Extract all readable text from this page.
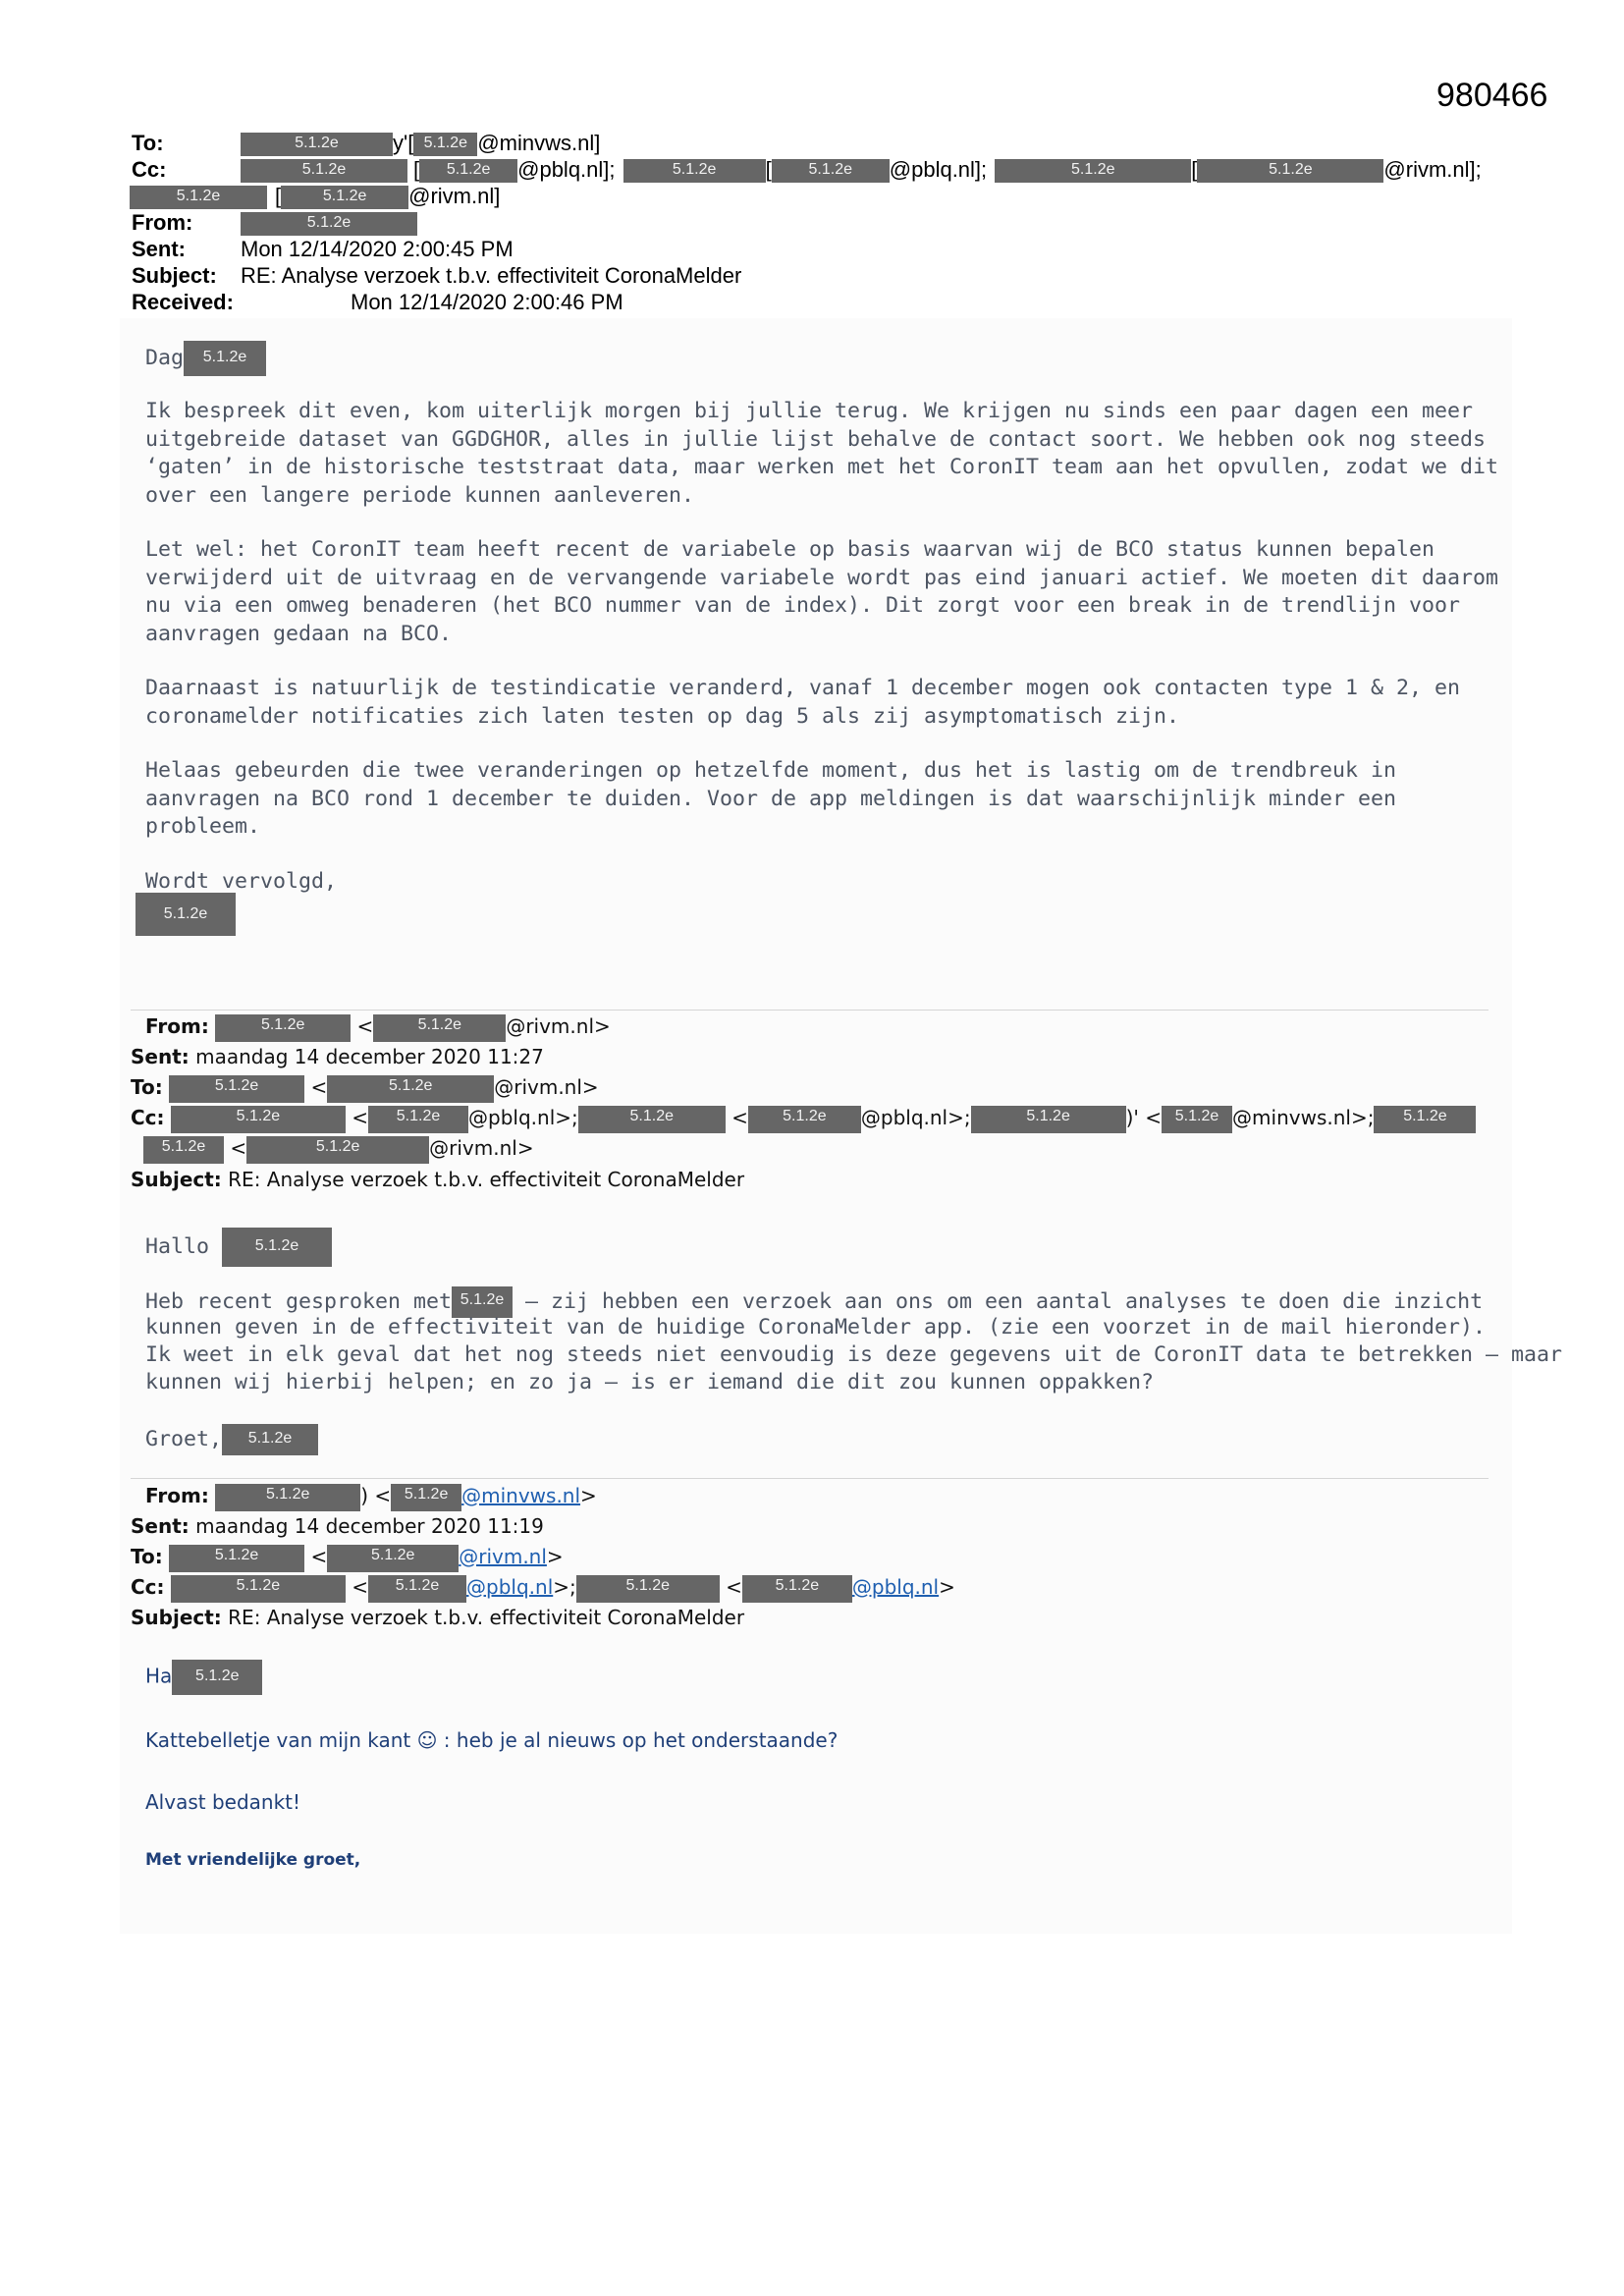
980466
To:	5.1.2e	y'[ 5.1.2e @minvws.nl]
Cc:	5.1.2e	[ 5.1.2e @pblq.nl];	5.1.2e [ 5.1.2e @pblq.nl];	5.1.2e	[	5.1.2e	@rivm.nl];
5.1.2e	[	5.1.2e @rivm.nl]
From:	5.1.2e
Sent:	Mon 12/14/2020 2:00:45 PM
Subject: RE: Analyse verzoek t.b.v. effectiviteit CoronaMelder
Received:	Mon 12/14/2020 2:00:46 PM
Dag 5.1.2e

Ik bespreek dit even, kom uiterlijk morgen bij jullie terug. We krijgen nu sinds een paar dagen een meer uitgebreide dataset van GGDGHOR, alles in jullie lijst behalve de contact soort. We hebben ook nog steeds ‘gaten’ in de historische teststraat data, maar werken met het CoronIT team aan het opvullen, zodat we dit over een langere periode kunnen aanleveren.

Let wel: het CoronIT team heeft recent de variabele op basis waarvan wij de BCO status kunnen bepalen verwijderd uit de uitvraag en de vervangende variabele wordt pas eind januari actief. We moeten dit daarom nu via een omweg benaderen (het BCO nummer van de index). Dit zorgt voor een break in de trendlijn voor aanvragen gedaan na BCO.

Daarnaast is natuurlijk de testindicatie veranderd, vanaf 1 december mogen ook contacten type 1 & 2, en coronamelder notificaties zich laten testen op dag 5 als zij asymptomatisch zijn.

Helaas gebeurden die twee veranderingen op hetzelfde moment, dus het is lastig om de trendbreuk in aanvragen na BCO rond 1 december te duiden. Voor de app meldingen is dat waarschijnlijk minder een probleem.

Wordt vervolgd,

5.1.2e
From:	5.1.2e	<	5.1.2e @rivm.nl>
Sent: maandag 14 december 2020 11:27
To:	5.1.2e	<	5.1.2e	@rivm.nl>
Cc:	5.1.2e	< 5.1.2e @pblq.nl>;	5.1.2e	< 5.1.2e @pblq.nl>;	5.1.2e	)' < 5.1.2e @minvws.nl>; 5.1.2e
5.1.2e <	5.1.2e	@rivm.nl>
Subject: RE: Analyse verzoek t.b.v. effectiviteit CoronaMelder
Hallo	5.1.2e
Heb recent gesproken met 5.1.2e – zij hebben een verzoek aan ons om een aantal analyses te doen die inzicht
kunnen geven in de effectiviteit van de huidige CoronaMelder app. (zie een voorzet in de mail hieronder).
Ik weet in elk geval dat het nog steeds niet eenvoudig is deze gegevens uit de CoronIT data te betrekken – maar
kunnen wij hierbij helpen; en zo ja – is er iemand die dit zou kunnen oppakken?
Groet, 5.1.2e
From:	5.1.2e	) < 5.1.2e @minvws.nl>
Sent: maandag 14 december 2020 11:19
To:	5.1.2e	<	5.1.2e @rivm.nl>
Cc:	5.1.2e	< 5.1.2e @pblq.nl>;	5.1.2e	< 5.1.2e @pblq.nl>
Subject: RE: Analyse verzoek t.b.v. effectiviteit CoronaMelder
Ha 5.1.2e
Kattebelletje van mijn kant ☺ : heb je al nieuws op het onderstaande?
Alvast bedankt!
Met vriendelijke groet,
